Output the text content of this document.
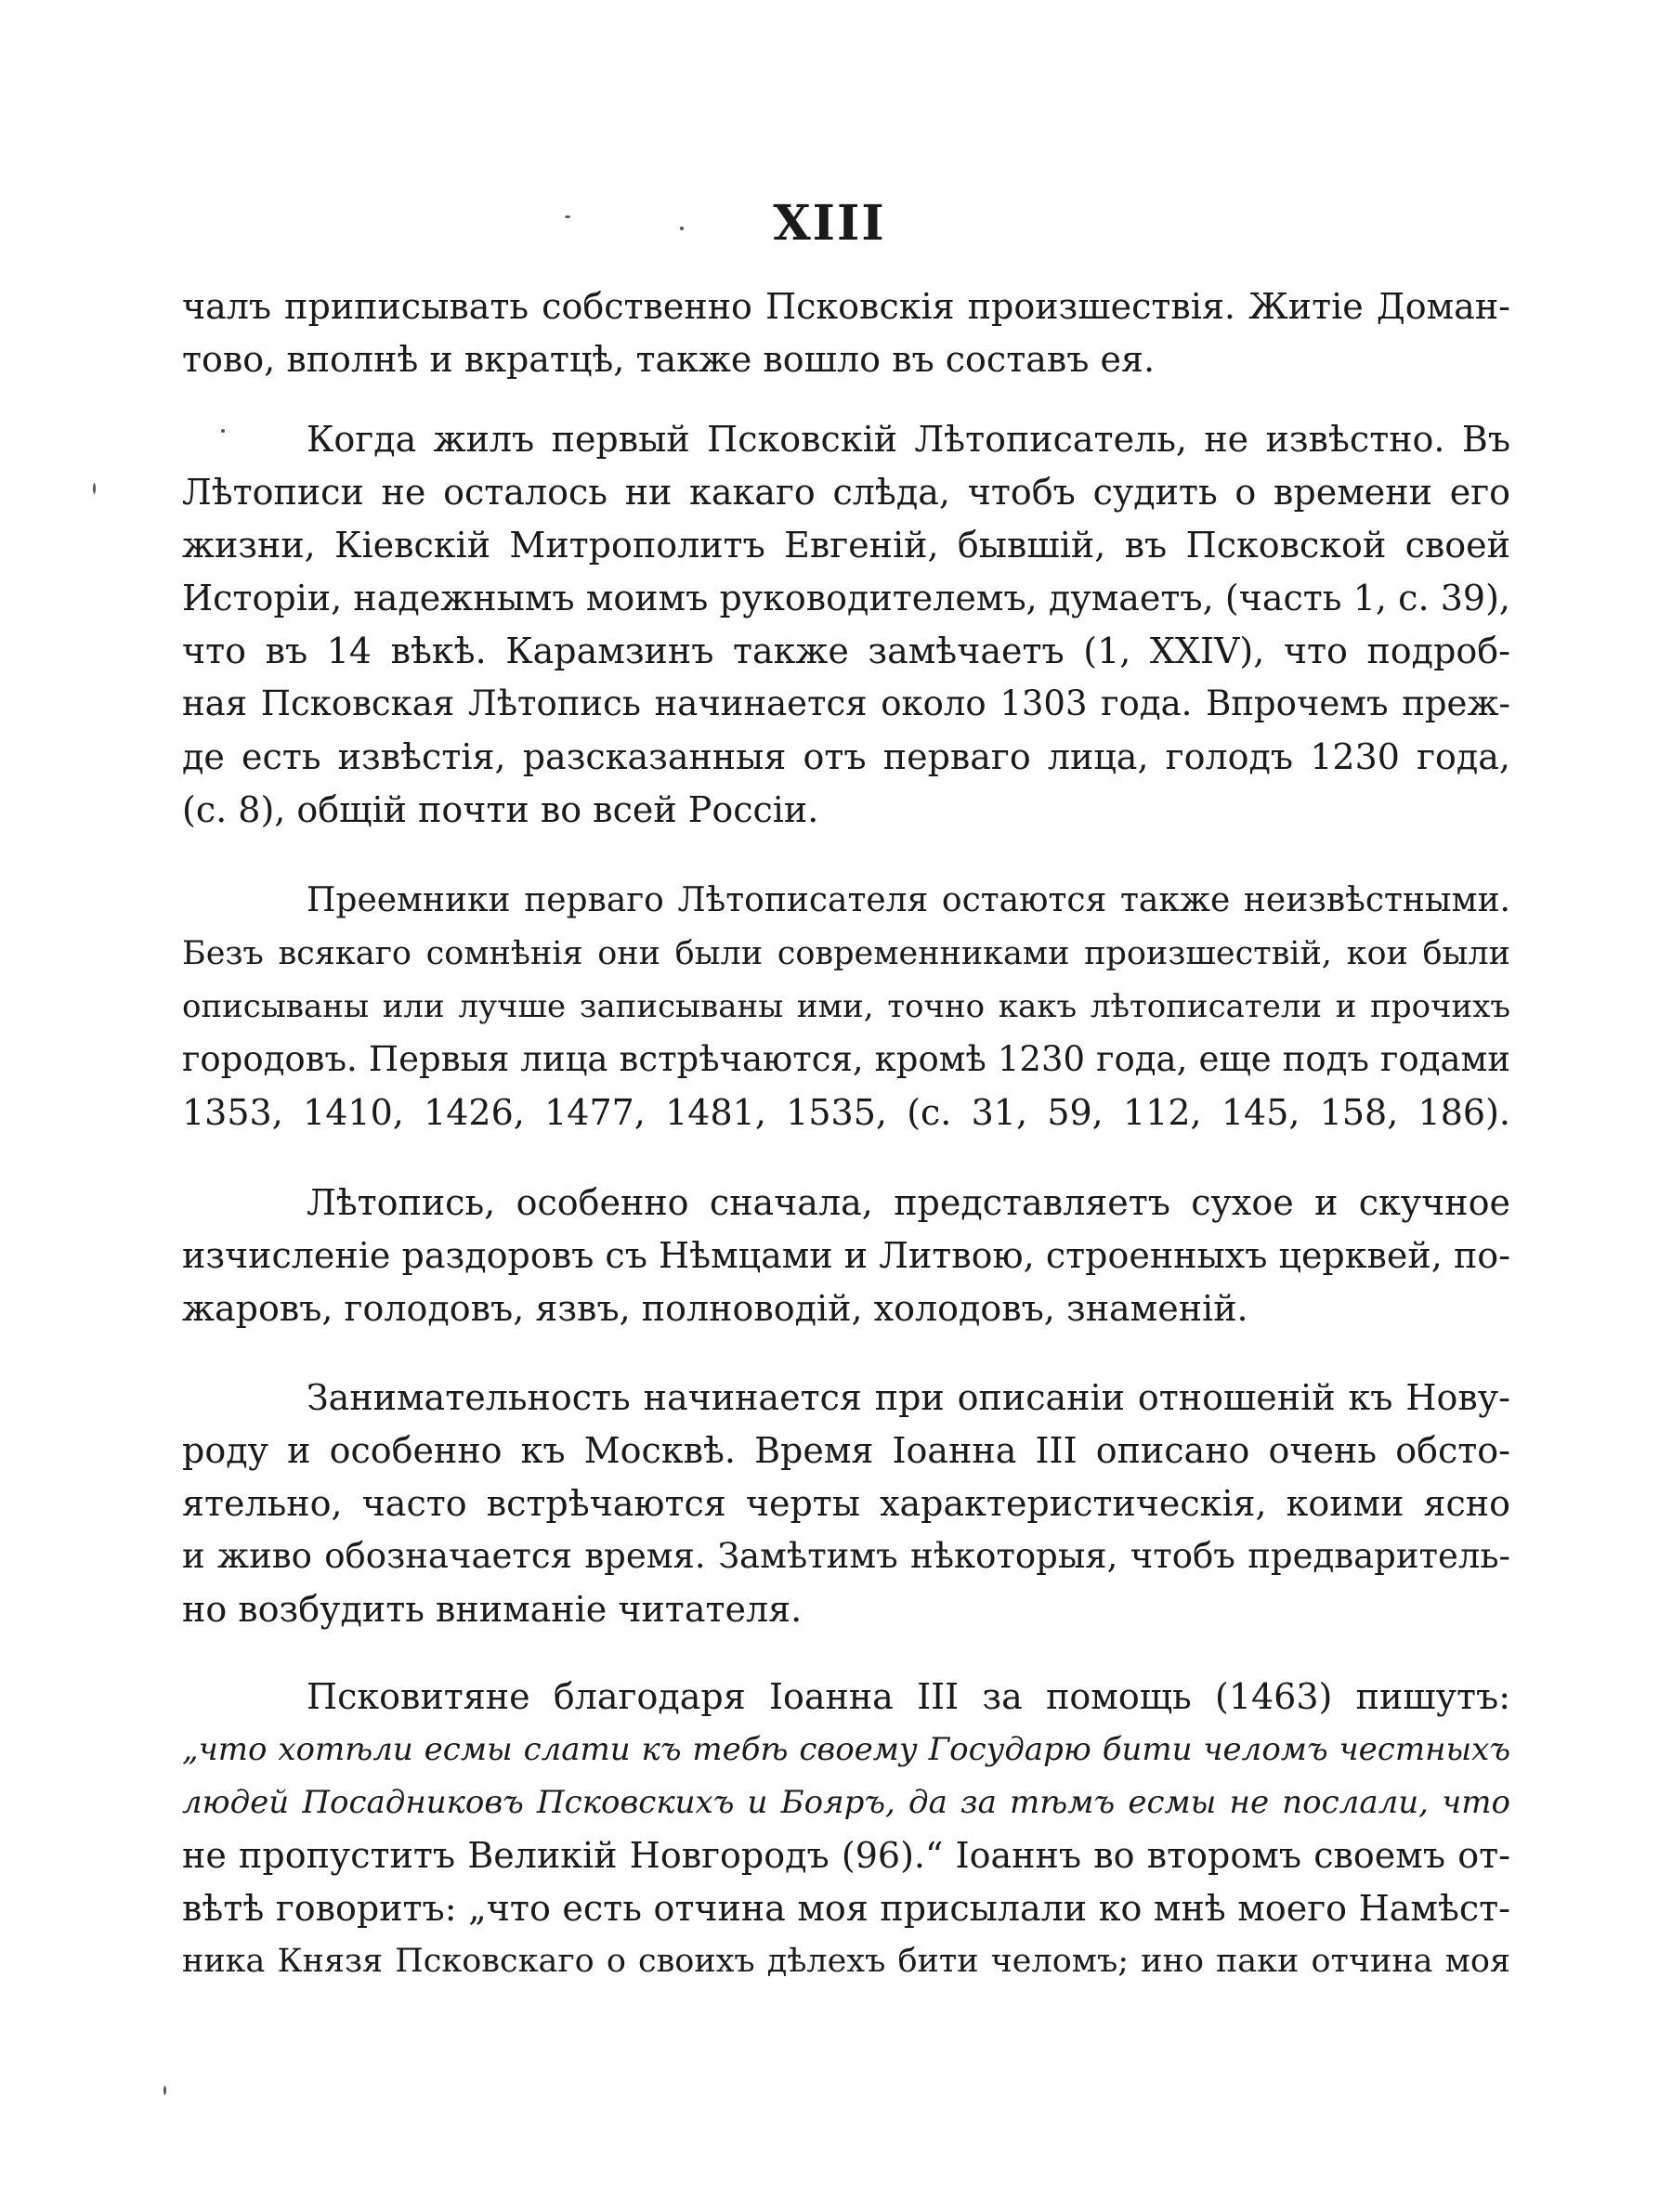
XIII
чалъ приписывать собственно Псковскія произшествія. Житіе Доман-
тово, вполнѣ и вкратцѣ, также вошло въ составъ ея.
Когда жилъ первый Псковскій Лѣтописатель, не извѣстно. Въ
Лѣтописи не осталось ни какаго слѣда, чтобъ судить о времени его
жизни, Кіевскій Митрополитъ Евгеній, бывшій, въ Псковской своей
Исторіи, надежнымъ моимъ руководителемъ, думаетъ, (часть 1, с. 39),
что въ 14 вѣкѣ. Карамзинъ также замѣчаетъ (1, XXIV), что подроб-
ная Псковская Лѣтопись начинается около 1303 года. Впрочемъ преж-
де есть извѣстія, разсказанныя отъ перваго лица, голодъ 1230 года,
(с. 8), общій почти во всей Россіи.
Преемники перваго Лѣтописателя остаются также неизвѣстными.
Безъ всякаго сомнѣнія они были современниками произшествій, кои были
описываны или лучше записываны ими, точно какъ лѣтописатели и прочихъ
городовъ. Первыя лица встрѣчаются, кромѣ 1230 года, еще подъ годами
1353, 1410, 1426, 1477, 1481, 1535, (с. 31, 59, 112, 145, 158, 186).
Лѣтопись, особенно сначала, представляетъ сухое и скучное
изчисленіе раздоровъ съ Нѣмцами и Литвою, строенныхъ церквей, по-
жаровъ, голодовъ, язвъ, полноводій, холодовъ, знаменій.
Занимательность начинается при описаніи отношеній къ Нову-
роду и особенно къ Москвѣ. Время Іоанна III описано очень обсто-
ятельно, часто встрѣчаются черты характеристическія, коими ясно
и живо обозначается время. Замѣтимъ нѣкоторыя, чтобъ предваритель-
но возбудить вниманіе читателя.
Псковитяне благодаря Іоанна III за помощь (1463) пишутъ:
„что хотѣли есмы слати къ тебѣ своему Государю бити челомъ честныхъ
людей Посадниковъ Псковскихъ и Бояръ, да за тѣмъ есмы не послали, что
не пропуститъ Великій Новгородъ (96).“ Іоаннъ во второмъ своемъ от-
вѣтѣ говоритъ: „что есть отчина моя присылали ко мнѣ моего Намѣст-
ника Князя Псковскаго о своихъ дѣлехъ бити челомъ; ино паки отчина моя
